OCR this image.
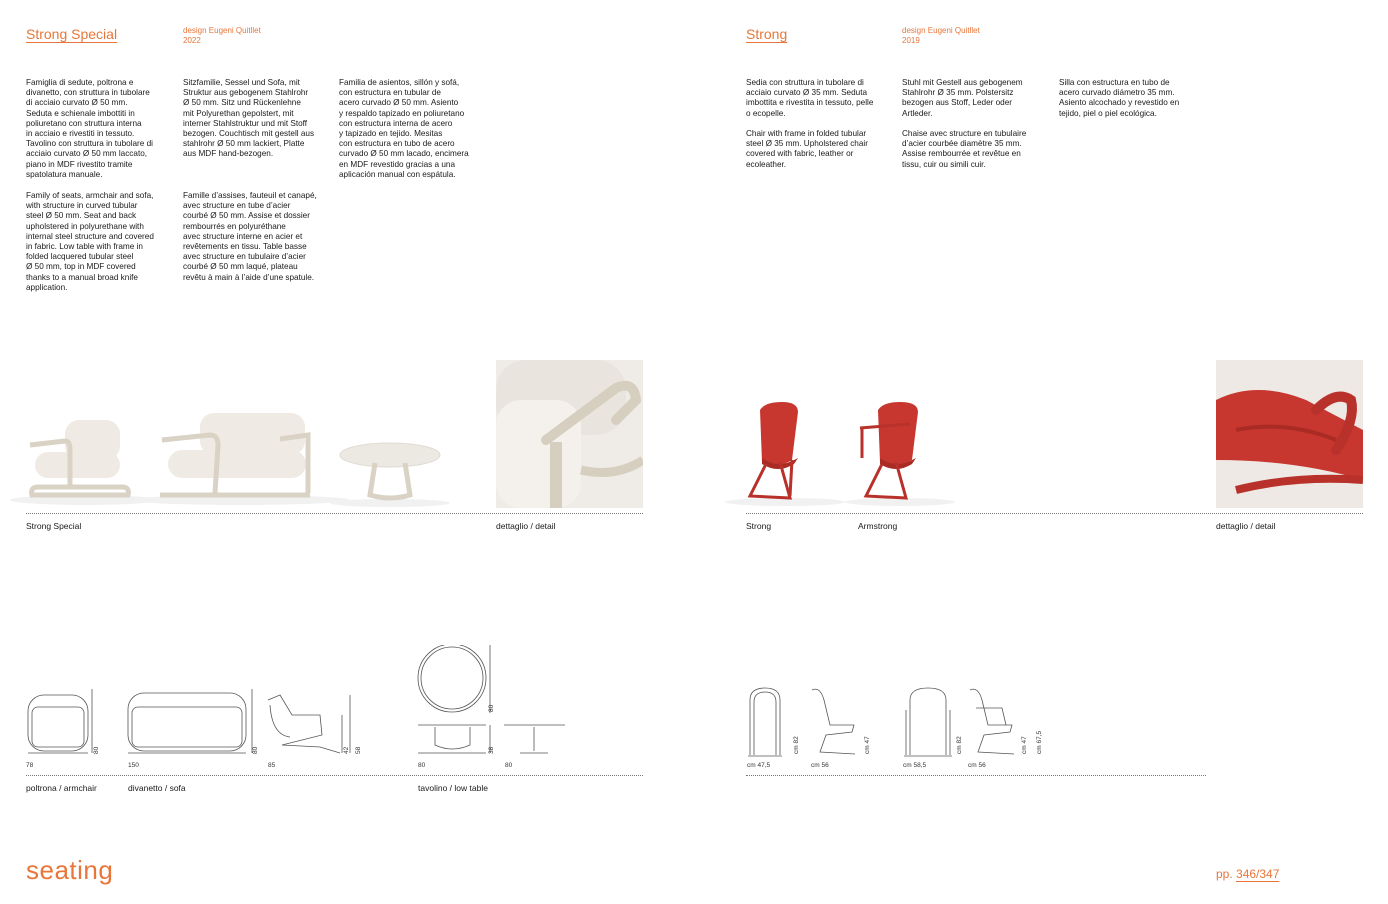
Strong Special	design Eugeni Quitllet
2022
Famiglia di sedute, poltrona e
divanetto, con struttura in tubolare
di acciaio curvato Ø 50 mm.
Seduta e schienale imbottiti in
poliuretano con struttura interna
in acciaio e rivestiti in tessuto.
Tavolino con struttura in tubolare di
acciaio curvato Ø 50 mm laccato,
piano in MDF rivestito tramite
spatolatura manuale.
Family of seats, armchair and sofa,
with structure in curved tubular
steel Ø 50 mm. Seat and back
upholstered in polyurethane with
internal steel structure and covered
in fabric. Low table with frame in
folded lacquered tubular steel
Ø 50 mm, top in MDF covered
thanks to a manual broad knife
application.
Sitzfamilie, Sessel und Sofa, mit
Struktur aus gebogenem Stahlrohr
Ø 50 mm. Sitz und Rückenlehne
mit Polyurethan gepolstert, mit
interner Stahlstruktur und mit Stoff
bezogen. Couchtisch mit gestell aus
stahlrohr Ø 50 mm lackiert, Platte
aus MDF hand-bezogen.
Famille d’assises, fauteuil et canapé,
avec structure en tube d’acier
courbé Ø 50 mm. Assise et dossier
rembourrés en polyuréthane
avec structure interne en acier et
revêtements en tissu. Table basse
avec structure en tubulaire d’acier
courbé Ø 50 mm laqué, plateau
revêtu à main à l’aide d’une spatule.
Familia de asientos, sillón y sofá,
con estructura en tubular de
acero curvado Ø 50 mm. Asiento
y respaldo tapizado en poliuretano
con estructura interna de acero
y tapizado en tejido. Mesitas
con estructura en tubo de acero
curvado Ø 50 mm lacado, encimera
en MDF revestido gracias a una
aplicación manual con espátula.
Strong Special	dettaglio / detail
78
80
150
80
85
42 58
80
38
80	80
poltrona / armchair	divanetto / sofa	tavolino / low table
Strong	design Eugeni Quitllet
2019
Sedia con struttura in tubolare di
acciaio curvato Ø 35 mm. Seduta
imbottita e rivestita in tessuto, pelle
o ecopelle.
Chair with frame in folded tubular
steel Ø 35 mm. Upholstered chair
covered with fabric, leather or
ecoleather.
Stuhl mit Gestell aus gebogenem
Stahlrohr Ø 35 mm. Polstersitz
bezogen aus Stoff, Leder oder
Artleder.
Chaise avec structure en tubulaire
d’acier courbée diamètre 35 mm.
Assise rembourrée et revêtue en
tissu, cuir ou simili cuir.
Silla con estructura en tubo de
acero curvado diámetro 35 mm.
Asiento alcochado y revestido en
tejido, piel o piel ecológica.
Strong	Armstrong	dettaglio / detail
cm 47,5
cm 82
cm 56
cm 47
cm 58,5
cm 82
cm 56
cm 47 cm 67,5
seating	pp. 346/347
